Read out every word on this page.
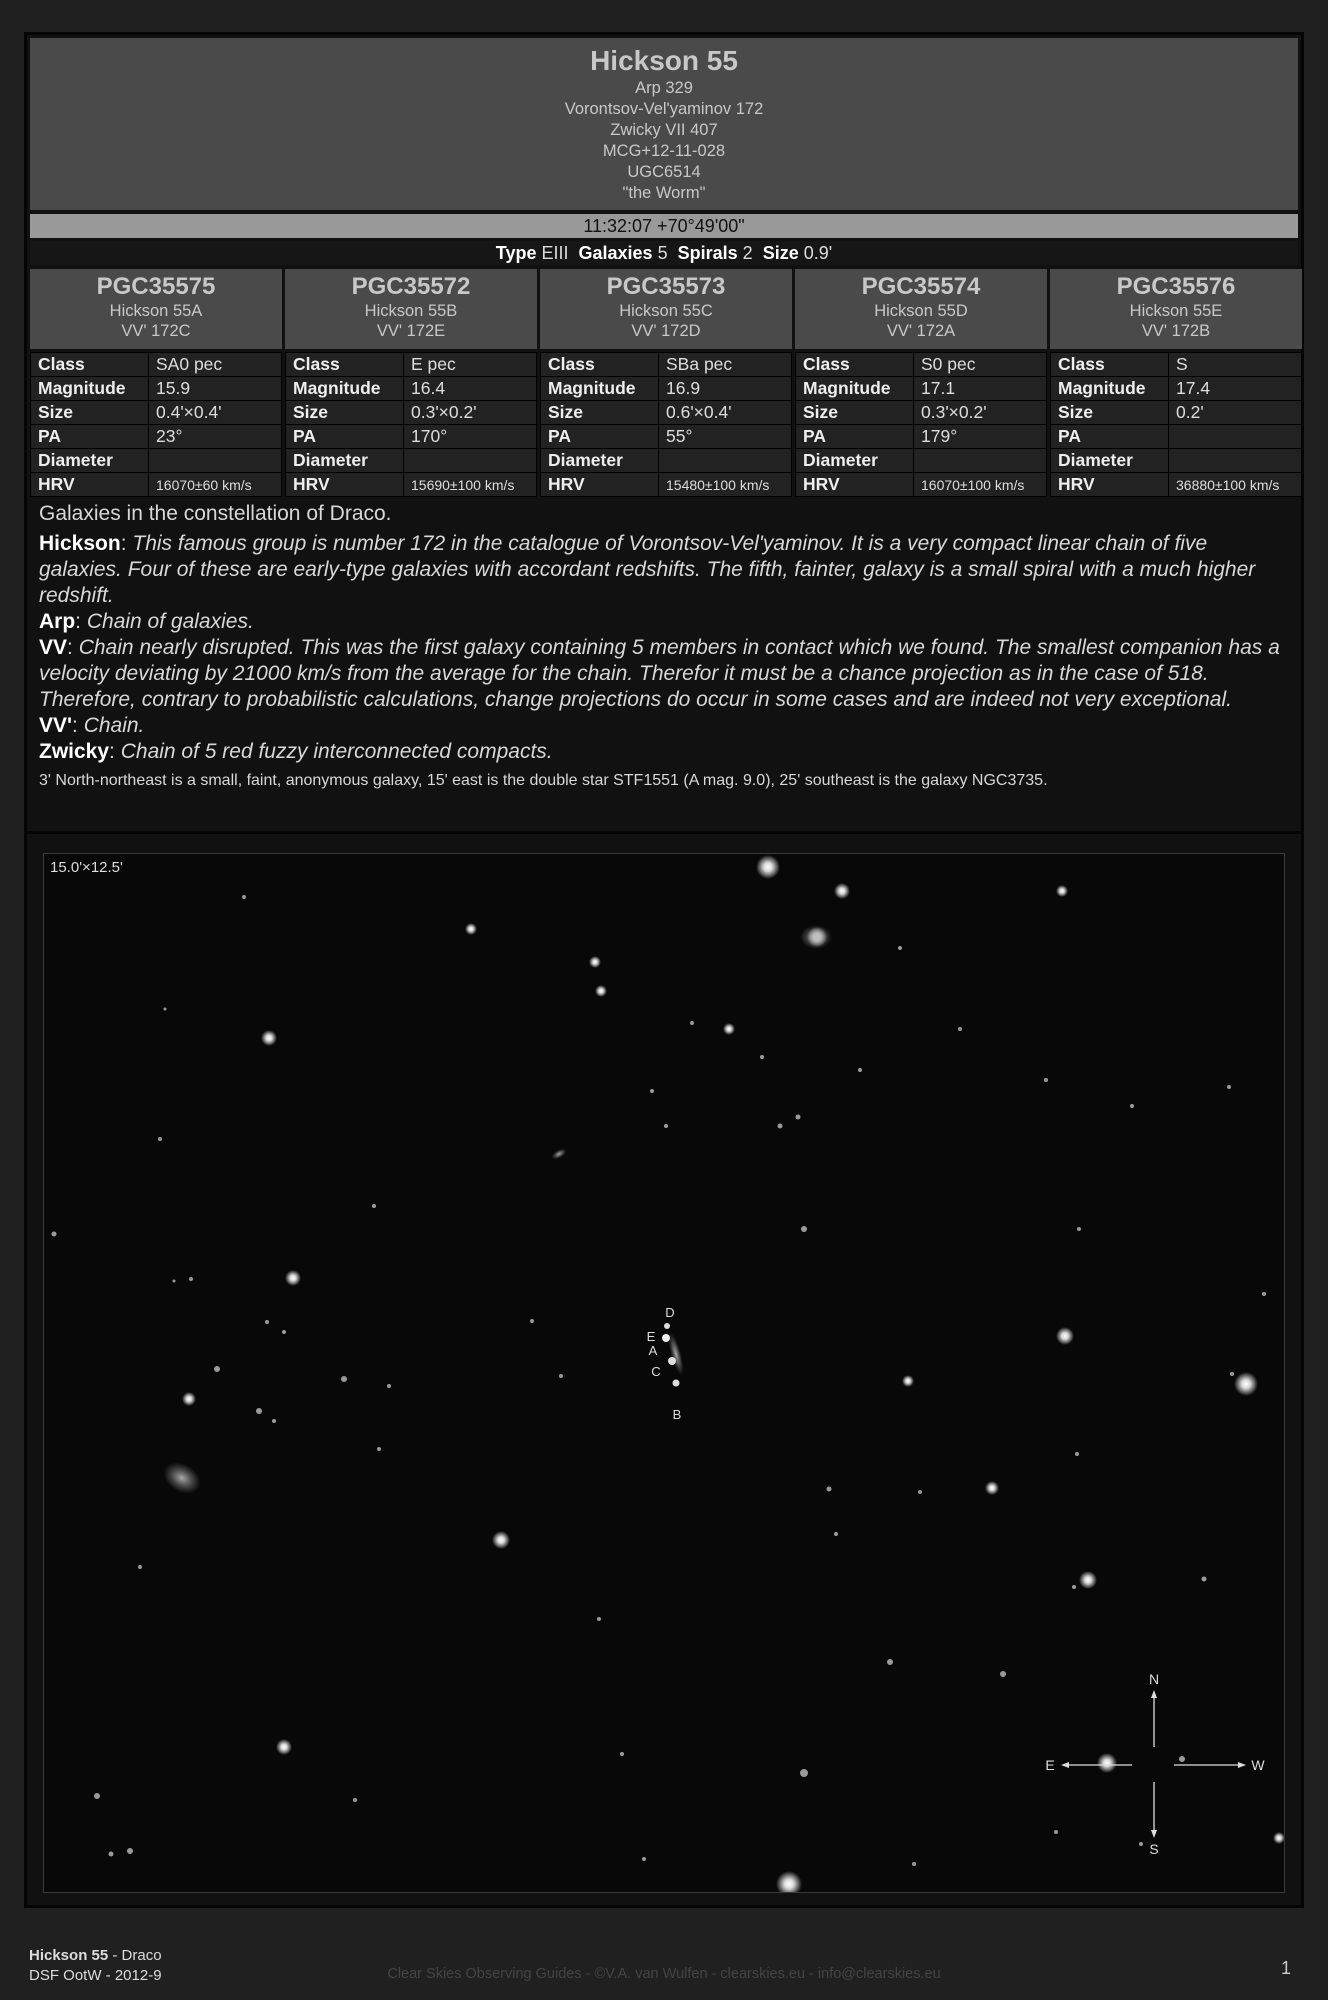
Hickson 55
Arp 329
Vorontsov-Vel'yaminov 172
Zwicky VII 407
MCG+12-11-028
UGC6514
"the Worm"
11:32:07 +70°49'00"
Type EIII Galaxies 5 Spirals 2 Size 0.9'
PGC35575
Hickson 55A
VV' 172C
Class	SA0 pec
Magnitude	15.9
Size	0.4'×0.4'
PA	23°
Diameter	
HRV	16070±60 km/s
PGC35572
Hickson 55B
VV' 172E
Class	E pec
Magnitude	16.4
Size	0.3'×0.2'
PA	170°
Diameter	
HRV	15690±100 km/s
PGC35573
Hickson 55C
VV' 172D
Class	SBa pec
Magnitude	16.9
Size	0.6'×0.4'
PA	55°
Diameter	
HRV	15480±100 km/s
PGC35574
Hickson 55D
VV' 172A
Class	S0 pec
Magnitude	17.1
Size	0.3'×0.2'
PA	179°
Diameter	
HRV	16070±100 km/s
PGC35576
Hickson 55E
VV' 172B
Class	S
Magnitude	17.4
Size	0.2'
PA	
Diameter	
HRV	36880±100 km/s

Galaxies in the constellation of Draco.

Hickson: This famous group is number 172 in the catalogue of Vorontsov-Vel'yaminov. It is a very compact linear chain of five galaxies. Four of these are early-type galaxies with accordant redshifts. The fifth, fainter, galaxy is a small spiral with a much higher redshift.

Arp: Chain of galaxies.

VV: Chain nearly disrupted. This was the first galaxy containing 5 members in contact which we found. The smallest companion has a velocity deviating by 21000 km/s from the average for the chain. Therefor it must be a chance projection as in the case of 518. Therefore, contrary to probabilistic calculations, change projections do occur in some cases and are indeed not very exceptional.

VV': Chain.

Zwicky: Chain of 5 red fuzzy interconnected compacts.

3' North-northeast is a small, faint, anonymous galaxy, 15' east is the double star STF1551 (A mag. 9.0), 25' southeast is the galaxy NGC3735.

D
E
A
C
B
15.0'×12.5'
N
S
E	W
Hickson 55 - Draco
DSF OotW - 2012-9	Clear Skies Observing Guides - ©V.A. van Wulfen - clearskies.eu - info@clearskies.eu	1
